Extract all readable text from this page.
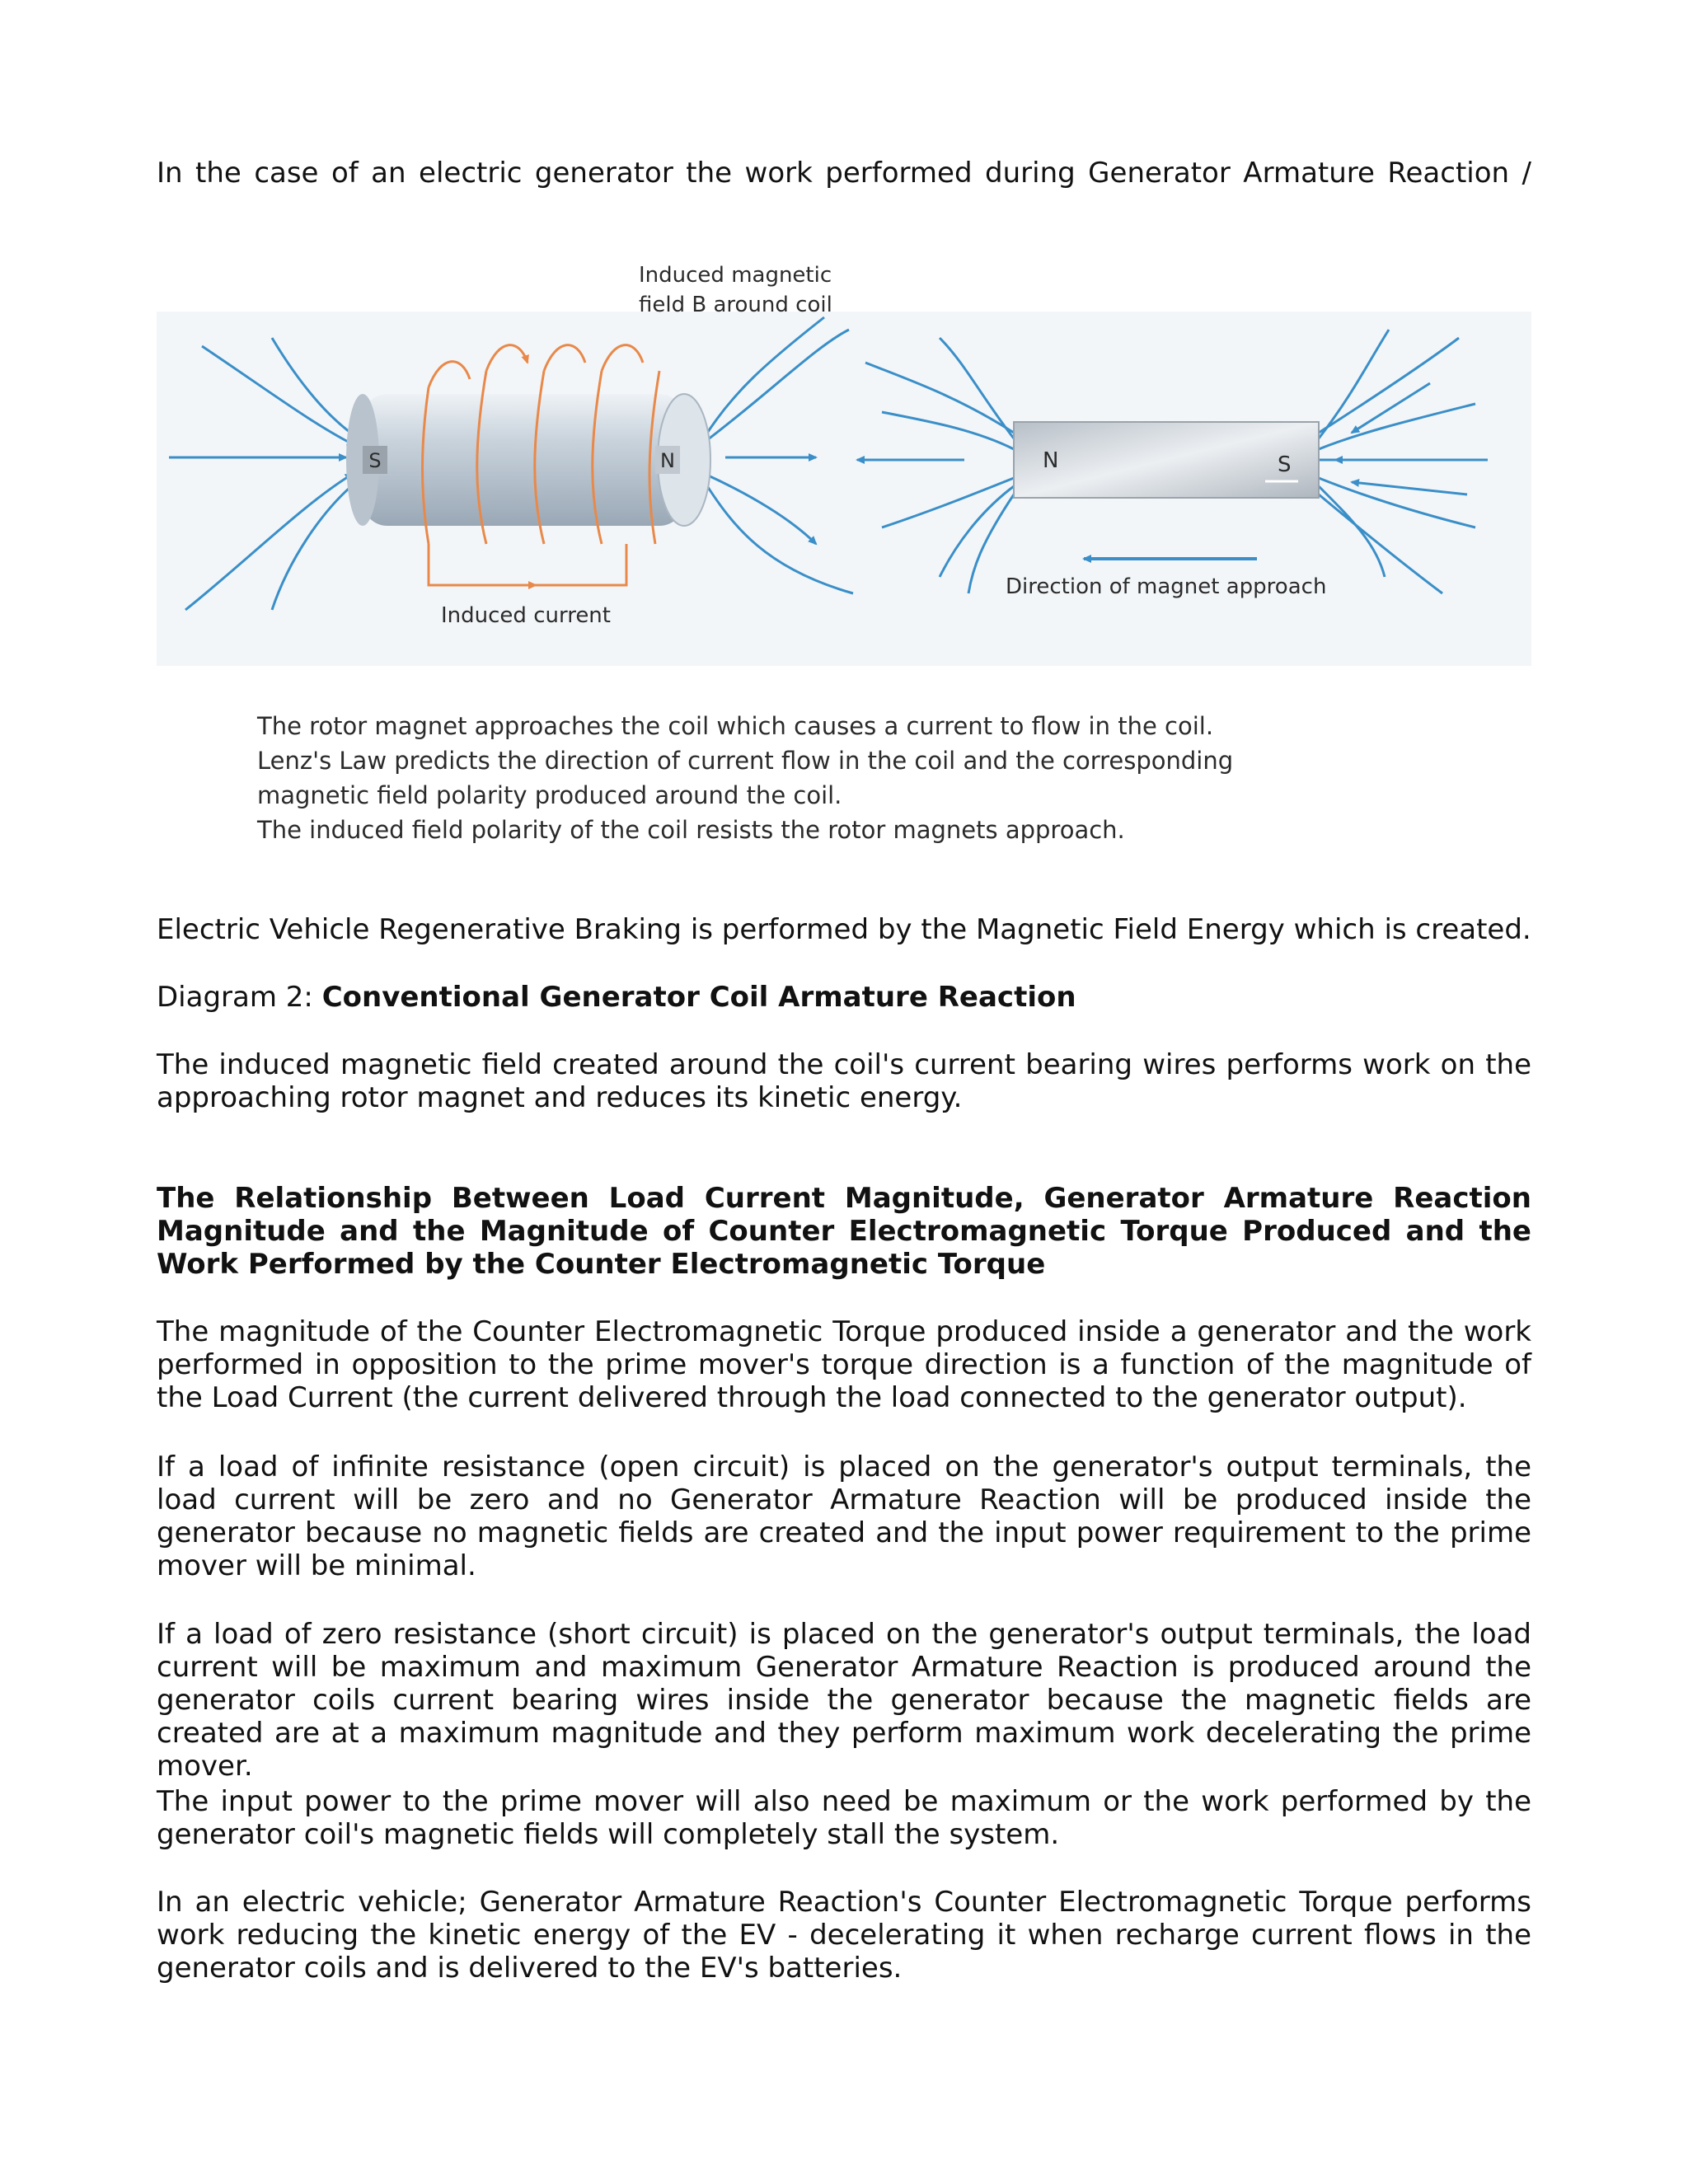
In the case of an electric generator the work performed during Generator Armature Reaction /

S	N
Induced magnetic
field B around coil
Induced current
N	S
Direction of magnet approach
The rotor magnet approaches the coil which causes a current to flow in the coil.
Lenz's Law predicts the direction of current flow in the coil and the corresponding
magnetic field polarity produced around the coil.
The induced field polarity of the coil resists the rotor magnets approach.

Electric Vehicle Regenerative Braking is performed by the Magnetic Field Energy which is created.

Diagram 2: Conventional Generator Coil Armature Reaction

The induced magnetic field created around the coil's current bearing wires performs work on the approaching rotor magnet and reduces its kinetic energy.

The Relationship Between Load Current Magnitude, Generator Armature Reaction Magnitude and the Magnitude of Counter Electromagnetic Torque Produced and the Work Performed by the Counter Electromagnetic Torque

The magnitude of the Counter Electromagnetic Torque produced inside a generator and the work performed in opposition to the prime mover's torque direction is a function of the magnitude of the Load Current (the current delivered through the load connected to the generator output).

If a load of infinite resistance (open circuit) is placed on the generator's output terminals, the load current will be zero and no Generator Armature Reaction will be produced inside the generator because no magnetic fields are created and the input power requirement to the prime mover will be minimal.

If a load of zero resistance (short circuit) is placed on the generator's output terminals, the load current will be maximum and maximum Generator Armature Reaction is produced around the generator coils current bearing wires inside the generator because the magnetic fields are created are at a maximum magnitude and they perform maximum work decelerating the prime mover.

The input power to the prime mover will also need be maximum or the work performed by the generator coil's magnetic fields will completely stall the system.

In an electric vehicle; Generator Armature Reaction's Counter Electromagnetic Torque performs work reducing the kinetic energy of the EV - decelerating it when recharge current flows in the generator coils and is delivered to the EV's batteries.
